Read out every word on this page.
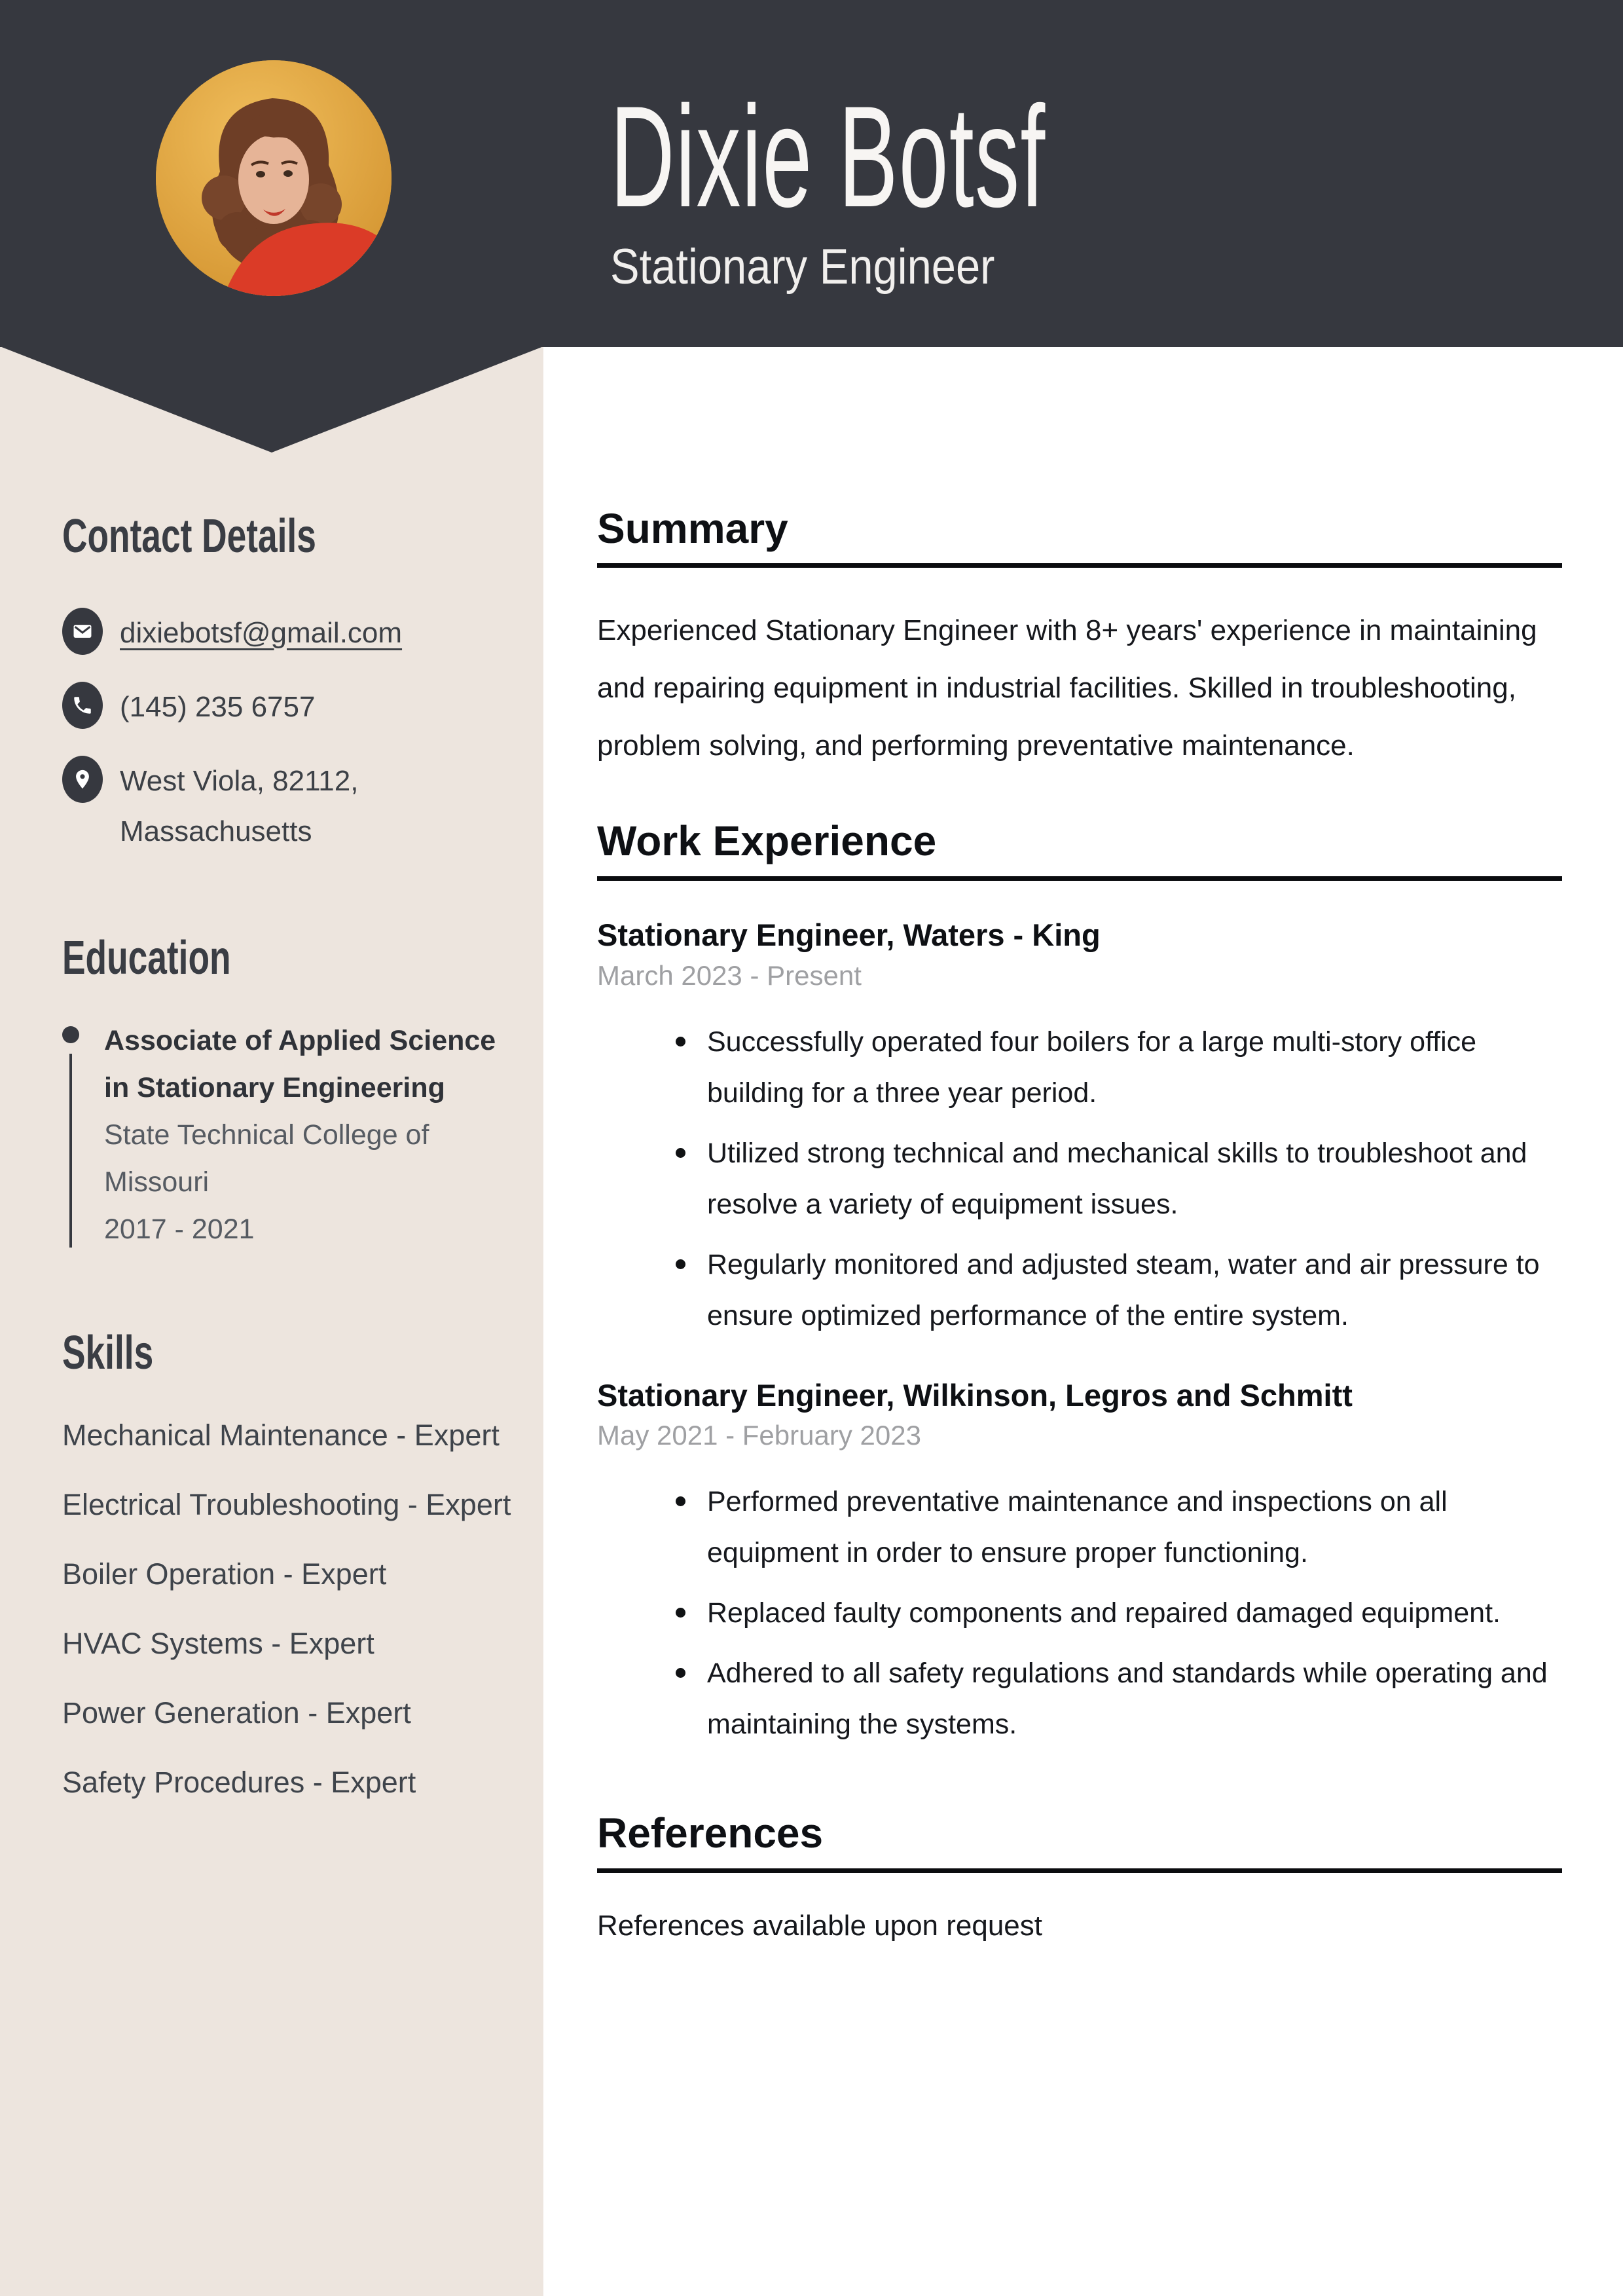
Dixie Botsf
Stationary Engineer
Contact Details
dixiebotsf@gmail.com
(145) 235 6757
West Viola, 82112, Massachusetts
Education
Associate of Applied Science in Stationary Engineering
State Technical College of Missouri
2017 - 2021
Skills
Mechanical Maintenance - Expert
Electrical Troubleshooting - Expert
Boiler Operation - Expert
HVAC Systems - Expert
Power Generation - Expert
Safety Procedures - Expert
Summary

Experienced Stationary Engineer with 8+ years' experience in maintaining and repairing equipment in industrial facilities. Skilled in troubleshooting, problem solving, and performing preventative maintenance.

Work Experience
Stationary Engineer, Waters - King
March 2023 - Present
Successfully operated four boilers for a large multi-story office building for a three year period.
Utilized strong technical and mechanical skills to troubleshoot and resolve a variety of equipment issues.
Regularly monitored and adjusted steam, water and air pressure to ensure optimized performance of the entire system.
Stationary Engineer, Wilkinson, Legros and Schmitt
May 2021 - February 2023
Performed preventative maintenance and inspections on all equipment in order to ensure proper functioning.
Replaced faulty components and repaired damaged equipment.
Adhered to all safety regulations and standards while operating and maintaining the systems.
References

References available upon request
